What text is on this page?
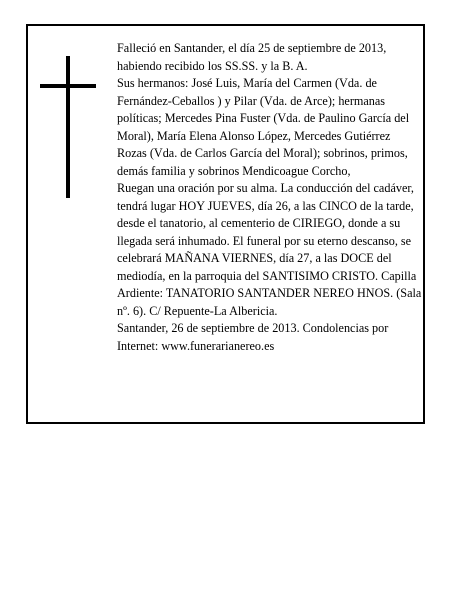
Falleció en Santander, el día 25 de septiembre de 2013, habiendo recibido los SS.SS. y la B. A.

Sus hermanos: José Luis, María del Carmen (Vda. de Fernández-Ceballos ) y Pilar (Vda. de Arce); hermanas políticas; Mercedes Pina Fuster (Vda. de Paulino García del Moral), María Elena Alonso López, Mercedes Gutiérrez Rozas (Vda. de Carlos García del Moral); sobrinos, primos, demás familia y sobrinos Mendicoague Corcho,

Ruegan una oración por su alma. La conducción del cadáver, tendrá lugar HOY JUEVES, día 26, a las CINCO de la tarde, desde el tanatorio, al cementerio de CIRIEGO, donde a su llegada será inhumado. El funeral por su eterno descanso, se celebrará MAÑANA VIERNES, día 27, a las DOCE del mediodía, en la parroquia del SANTISIMO CRISTO. Capilla Ardiente: TANATORIO SANTANDER NEREO HNOS. (Sala nº. 6). C/ Repuente-La Albericia.

Santander, 26 de septiembre de 2013. Condolencias por Internet: www.funerarianereo.es
